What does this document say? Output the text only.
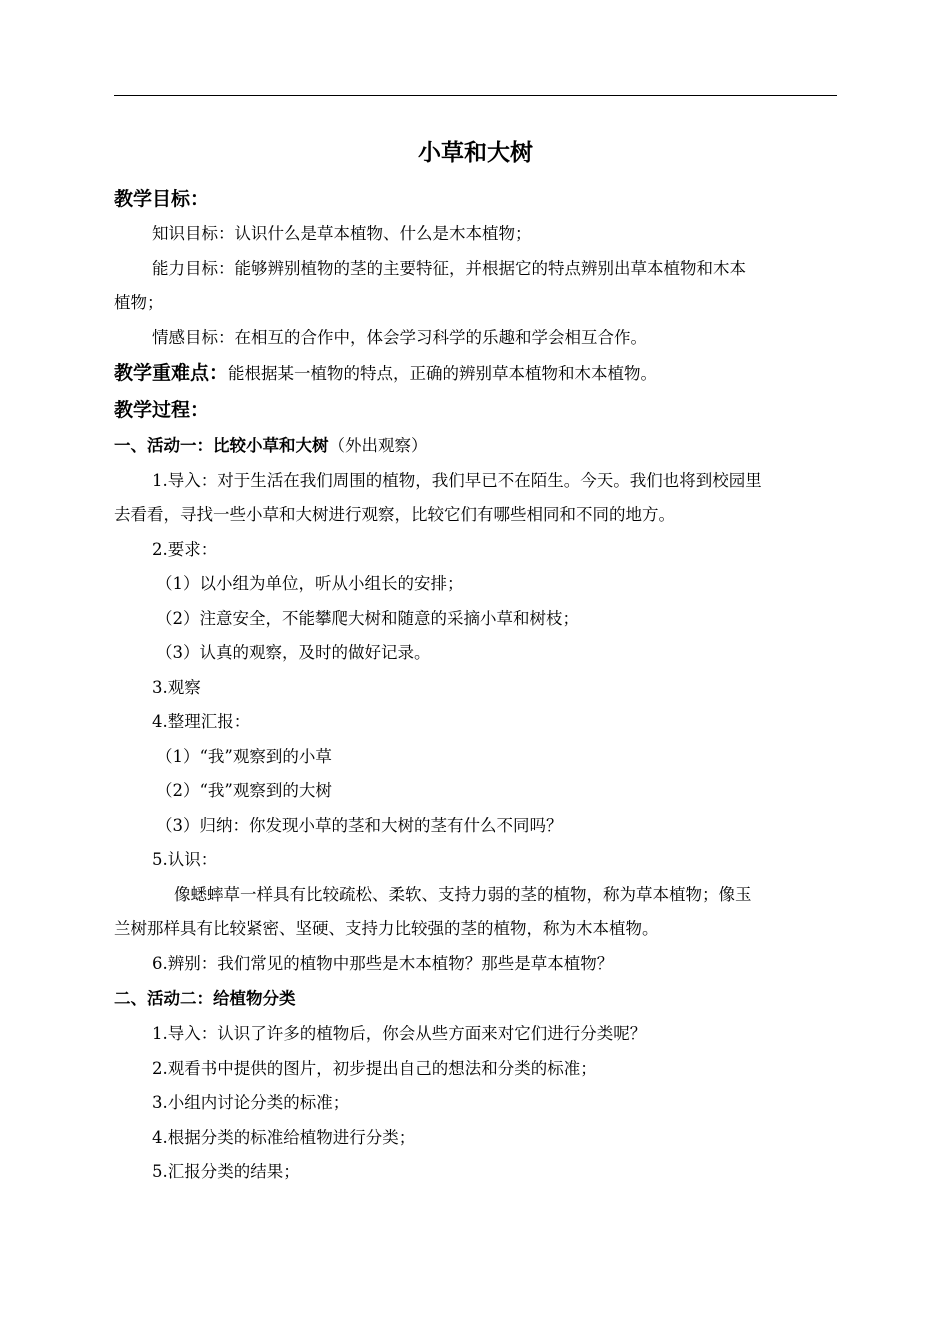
小草和大树

教学目标：

知识目标：认识什么是草本植物、什么是木本植物；

能力目标：能够辨别植物的茎的主要特征，并根据它的特点辨别出草本植物和木本

植物；

情感目标：在相互的合作中，体会学习科学的乐趣和学会相互合作。

教学重难点：能根据某一植物的特点，正确的辨别草本植物和木本植物。

教学过程：

一、活动一：比较小草和大树（外出观察）

1.导入：对于生活在我们周围的植物，我们早已不在陌生。今天。我们也将到校园里

去看看，寻找一些小草和大树进行观察，比较它们有哪些相同和不同的地方。

2.要求：

（1）以小组为单位，听从小组长的安排；

（2）注意安全，不能攀爬大树和随意的采摘小草和树枝；

（3）认真的观察，及时的做好记录。

3.观察

4.整理汇报：

（1）“我”观察到的小草

（2）“我”观察到的大树

（3）归纳：你发现小草的茎和大树的茎有什么不同吗？

5.认识：

像蟋蟀草一样具有比较疏松、柔软、支持力弱的茎的植物，称为草本植物；像玉

兰树那样具有比较紧密、坚硬、支持力比较强的茎的植物，称为木本植物。

6.辨别：我们常见的植物中那些是木本植物？那些是草本植物？

二、活动二：给植物分类

1.导入：认识了许多的植物后，你会从些方面来对它们进行分类呢？

2.观看书中提供的图片，初步提出自己的想法和分类的标准；

3.小组内讨论分类的标准；

4.根据分类的标准给植物进行分类；

5.汇报分类的结果；
